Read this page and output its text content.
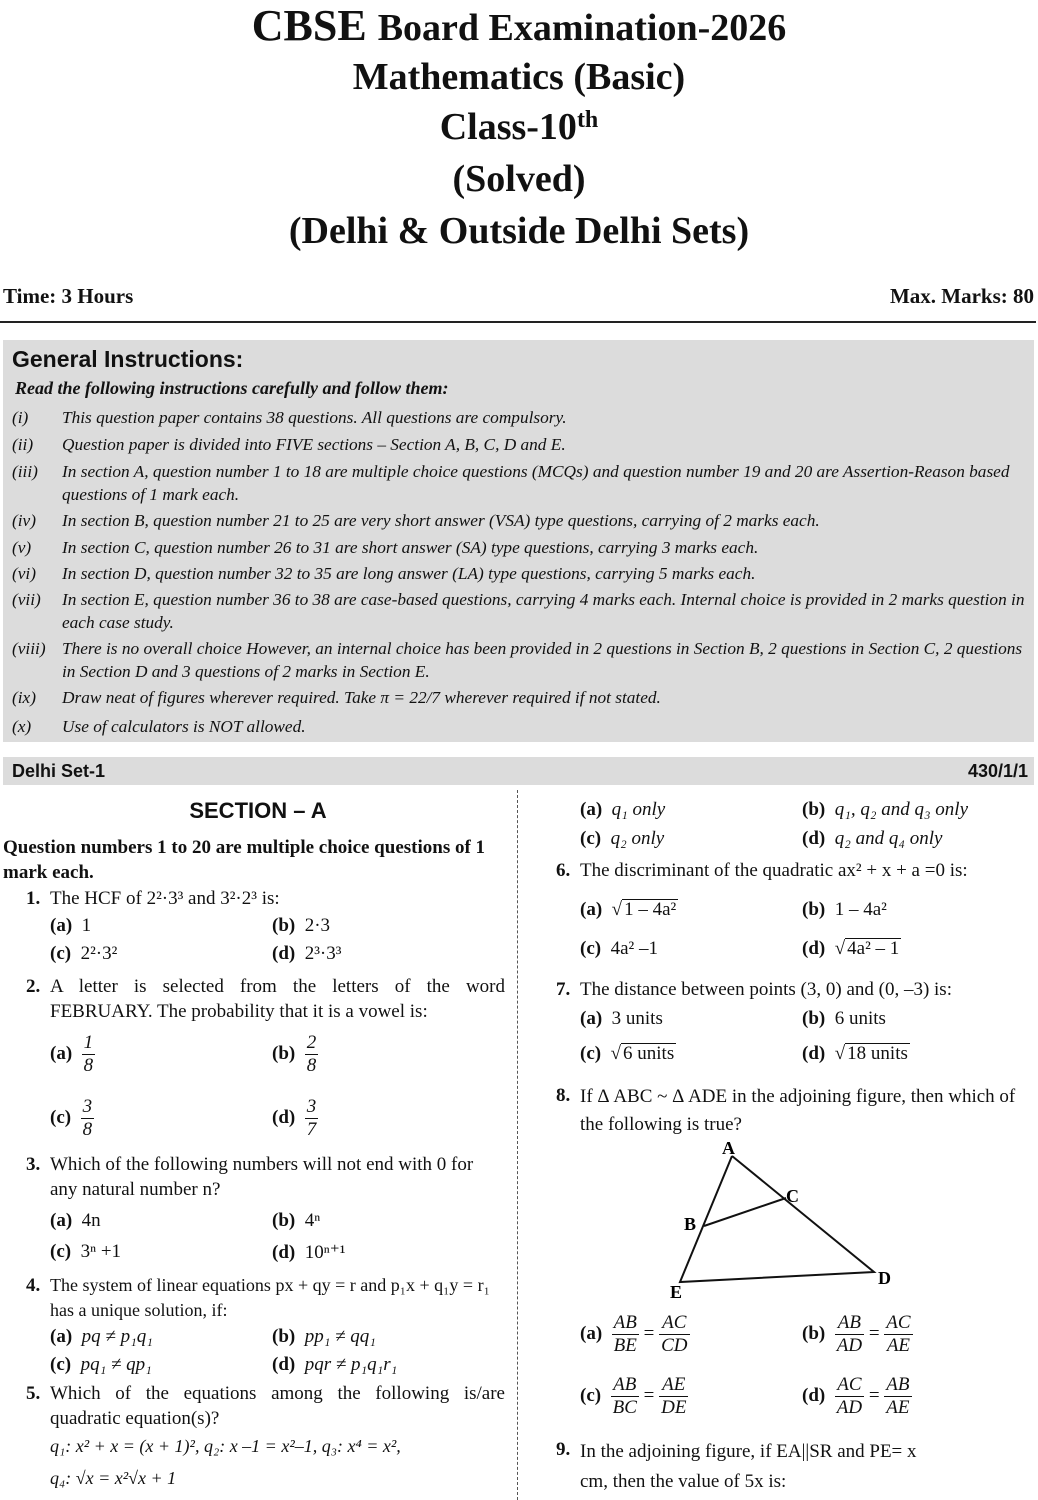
CBSE Board Examination-2026
Mathematics (Basic)
Class-10th
(Solved)
(Delhi & Outside Delhi Sets)
Time: 3 Hours	Max. Marks: 80
General Instructions:
Read the following instructions carefully and follow them:
(i) This question paper contains 38 questions. All questions are compulsory.
(ii) Question paper is divided into FIVE sections – Section A, B, C, D and E.
(iii) In section A, question number 1 to 18 are multiple choice questions (MCQs) and question number 19 and 20 are Assertion-Reason based questions of 1 mark each.
(iv) In section B, question number 21 to 25 are very short answer (VSA) type questions, carrying of 2 marks each.
(v) In section C, question number 26 to 31 are short answer (SA) type questions, carrying 3 marks each.
(vi) In section D, question number 32 to 35 are long answer (LA) type questions, carrying 5 marks each.
(vii) In section E, question number 36 to 38 are case-based questions, carrying 4 marks each. Internal choice is provided in 2 marks question in each case study.
(viii) There is no overall choice However, an internal choice has been provided in 2 questions in Section B, 2 questions in Section C, 2 questions in Section D and 3 questions of 2 marks in Section E.
(ix) Draw neat of figures wherever required. Take π = 22/7 wherever required if not stated.
(x) Use of calculators is NOT allowed.
Delhi Set-1	430/1/1
SECTION – A
Question numbers 1 to 20 are multiple choice questions of 1 mark each.
1. The HCF of 2²·3³ and 3²·2³ is:
(a) 1	(b) 2·3
(c) 2²·3²	(d) 2³·3³
2. A letter is selected from the letters of the word FEBRUARY. The probability that it is a vowel is:
$(a) \frac{1}{8}$	$(b) \frac{2}{8}$
$(c) \frac{3}{8}$	$(d) \frac{3}{7}$
3. Which of the following numbers will not end with 0 for any natural number n?
(a) 4n	(b) 4ⁿ
(c) 3ⁿ +1	(d) 10ⁿ⁺¹
4. The system of linear equations px + qy = r and p₁x + q₁y = r₁ has a unique solution, if:
(a) pq ≠ p₁q₁	(b) pp₁ ≠ qq₁
(c) pq₁ ≠ qp₁	(d) pqr ≠ p₁q₁r₁
5. Which of the equations among the following is/are quadratic equation(s)?
q₁: x² + x = (x + 1)², q₂: x –1 = x²–1, q₃: x⁴ = x²,
q₄: √x = x²√x + 1
(a) q₁ only	(b) q₁, q₂ and q₃ only
(c) q₂ only	(d) q₂ and q₄ only
6. The discriminant of the quadratic ax² + x + a =0 is:
(a)  √ 1 – 4a²	(b) 1 – 4a²
(c) 4a² –1	(d)  √ 4a² – 1
7. The distance between points (3, 0) and (0, –3) is:
(a) 3 units	(b) 6 units
(c)  √ 6 units	(d)  √ 18 units
8. If Δ ABC ~ Δ ADE in the adjoining figure, then which of the following is true?
A
B
C
D
E
$(a) \frac{AB}{BE} = \frac{AC}{CD}$	$(b) \frac{AB}{AD} = \frac{AC}{AE}$
$(c) \frac{AB}{BC} = \frac{AE}{DE}$	$(d) \frac{AC}{AD} = \frac{AB}{AE}$
9. In the adjoining figure, if EA||SR and PE= x cm, then the value of 5x is:
